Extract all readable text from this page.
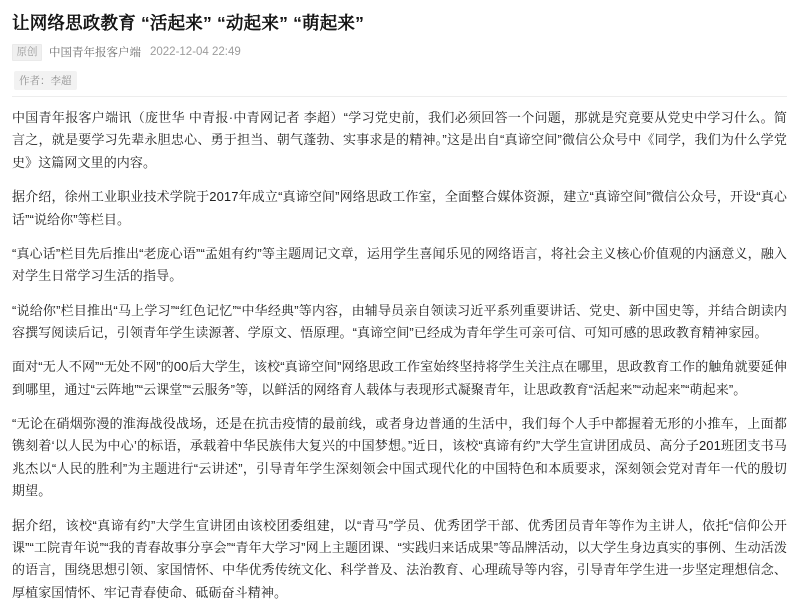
让网络思政教育 “活起来” “动起来” “萌起来”
原创	中国青年报客户端 2022-12-04 22:49
作者：李超

中国青年报客户端讯（庞世华 中青报·中青网记者 李超）“学习党史前，我们必须回答一个问题，那就是究竟要从党史中学习什么。简言之，就是要学习先辈永胆忠心、勇于担当、朝气蓬勃、实事求是的精神。”这是出自“真谛空间”微信公众号中《同学，我们为什么学党史》这篇网文里的内容。

据介绍，徐州工业职业技术学院于2017年成立“真谛空间”网络思政工作室，全面整合媒体资源，建立“真谛空间”微信公众号，开设“真心话”“说给你”等栏目。

“真心话”栏目先后推出“老庞心语”“孟姐有约”等主题周记文章，运用学生喜闻乐见的网络语言，将社会主义核心价值观的内涵意义，融入对学生日常学习生活的指导。

“说给你”栏目推出“马上学习”“红色记忆”“中华经典”等内容，由辅导员亲自领读习近平系列重要讲话、党史、新中国史等，并结合朗读内容撰写阅读后记，引领青年学生读源著、学原文、悟原理。“真谛空间”已经成为青年学生可亲可信、可知可感的思政教育精神家园。

面对“无人不网”“无处不网”的00后大学生，该校“真谛空间”网络思政工作室始终坚持将学生关注点在哪里，思政教育工作的触角就要延伸到哪里，通过“云阵地”“云课堂”“云服务”等，以鲜活的网络育人载体与表现形式凝聚青年，让思政教育“活起来”“动起来”“萌起来”。

“无论在硝烟弥漫的淮海战役战场，还是在抗击疫情的最前线，或者身边普通的生活中，我们每个人手中都握着无形的小推车，上面都镌刻着‘以人民为中心’的标语，承载着中华民族伟大复兴的中国梦想。”近日，该校“真谛有约”大学生宣讲团成员、高分子201班团支书马兆杰以“人民的胜利”为主题进行“云讲述”，引导青年学生深刻领会中国式现代化的中国特色和本质要求，深刻领会党对青年一代的殷切期望。

据介绍，该校“真谛有约”大学生宣讲团由该校团委组建，以“青马”学员、优秀团学干部、优秀团员青年等作为主讲人，依托“信仰公开课”“工院青年说”“我的青春故事分享会”“青年大学习”网上主题团课、“实践归来话成果”等品牌活动，以大学生身边真实的事例、生动活泼的语言，围绕思想引领、家国情怀、中华优秀传统文化、科学普及、法治教育、心理疏导等内容，引导青年学生进一步坚定理想信念、厚植家国情怀、牢记青春使命、砥砺奋斗精神。
